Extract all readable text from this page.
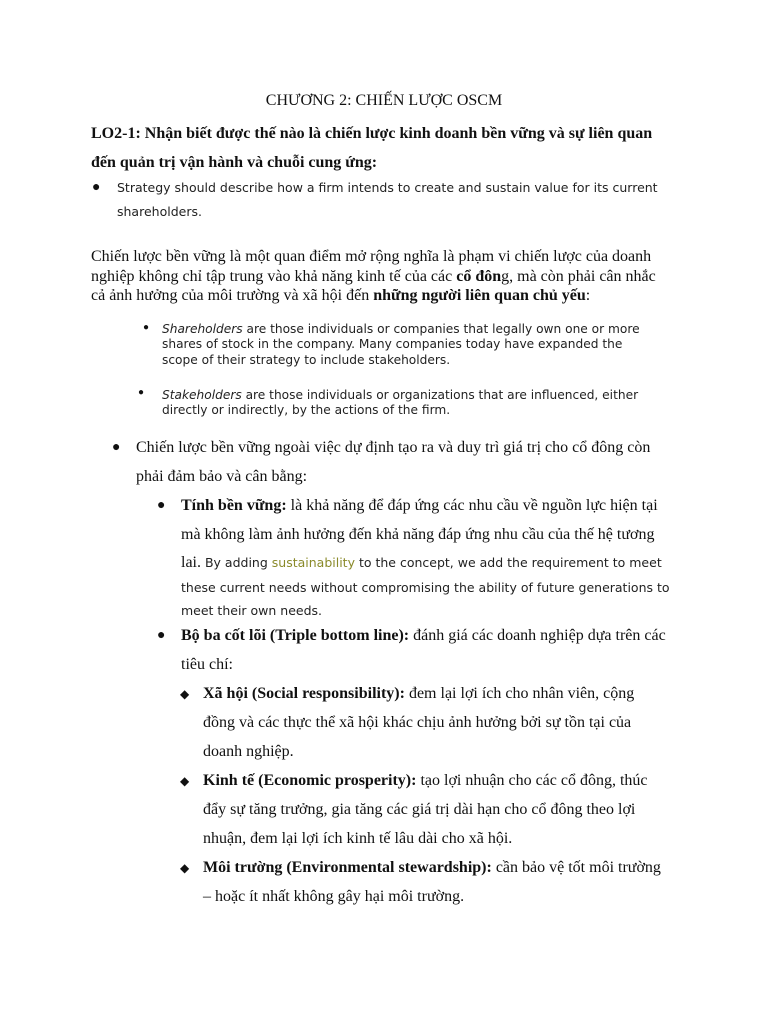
CHƯƠNG 2: CHIẾN LƯỢC OSCM
LO2-1: Nhận biết được thế nào là chiến lược kinh doanh bền vững và sự liên quan
đến quản trị vận hành và chuỗi cung ứng:
● Strategy should describe how a firm intends to create and sustain value for its current
shareholders.
Chiến lược bền vững là một quan điểm mở rộng nghĩa là phạm vi chiến lược của doanh
nghiệp không chỉ tập trung vào khả năng kinh tế của các cổ đông, mà còn phải cân nhắc
cả ảnh hưởng của môi trường và xã hội đến những người liên quan chủ yếu:
● Shareholders are those individuals or companies that legally own one or more
shares of stock in the company. Many companies today have expanded the
scope of their strategy to include stakeholders.
● Stakeholders are those individuals or organizations that are influenced, either
directly or indirectly, by the actions of the firm.
● Chiến lược bền vững ngoài việc dự định tạo ra và duy trì giá trị cho cổ đông còn
phải đảm bảo và cân bằng:
● Tính bền vững: là khả năng để đáp ứng các nhu cầu về nguồn lực hiện tại
mà không làm ảnh hưởng đến khả năng đáp ứng nhu cầu của thế hệ tương
lai. By adding sustainability to the concept, we add the requirement to meet
these current needs without compromising the ability of future generations to
meet their own needs.
● Bộ ba cốt lõi (Triple bottom line): đánh giá các doanh nghiệp dựa trên các
tiêu chí:
◆ Xã hội (Social responsibility): đem lại lợi ích cho nhân viên, cộng
đồng và các thực thể xã hội khác chịu ảnh hưởng bởi sự tồn tại của
doanh nghiệp.
◆ Kinh tế (Economic prosperity): tạo lợi nhuận cho các cổ đông, thúc
đẩy sự tăng trưởng, gia tăng các giá trị dài hạn cho cổ đông theo lợi
nhuận, đem lại lợi ích kinh tế lâu dài cho xã hội.
◆ Môi trường (Environmental stewardship): cần bảo vệ tốt môi trường
– hoặc ít nhất không gây hại môi trường.
